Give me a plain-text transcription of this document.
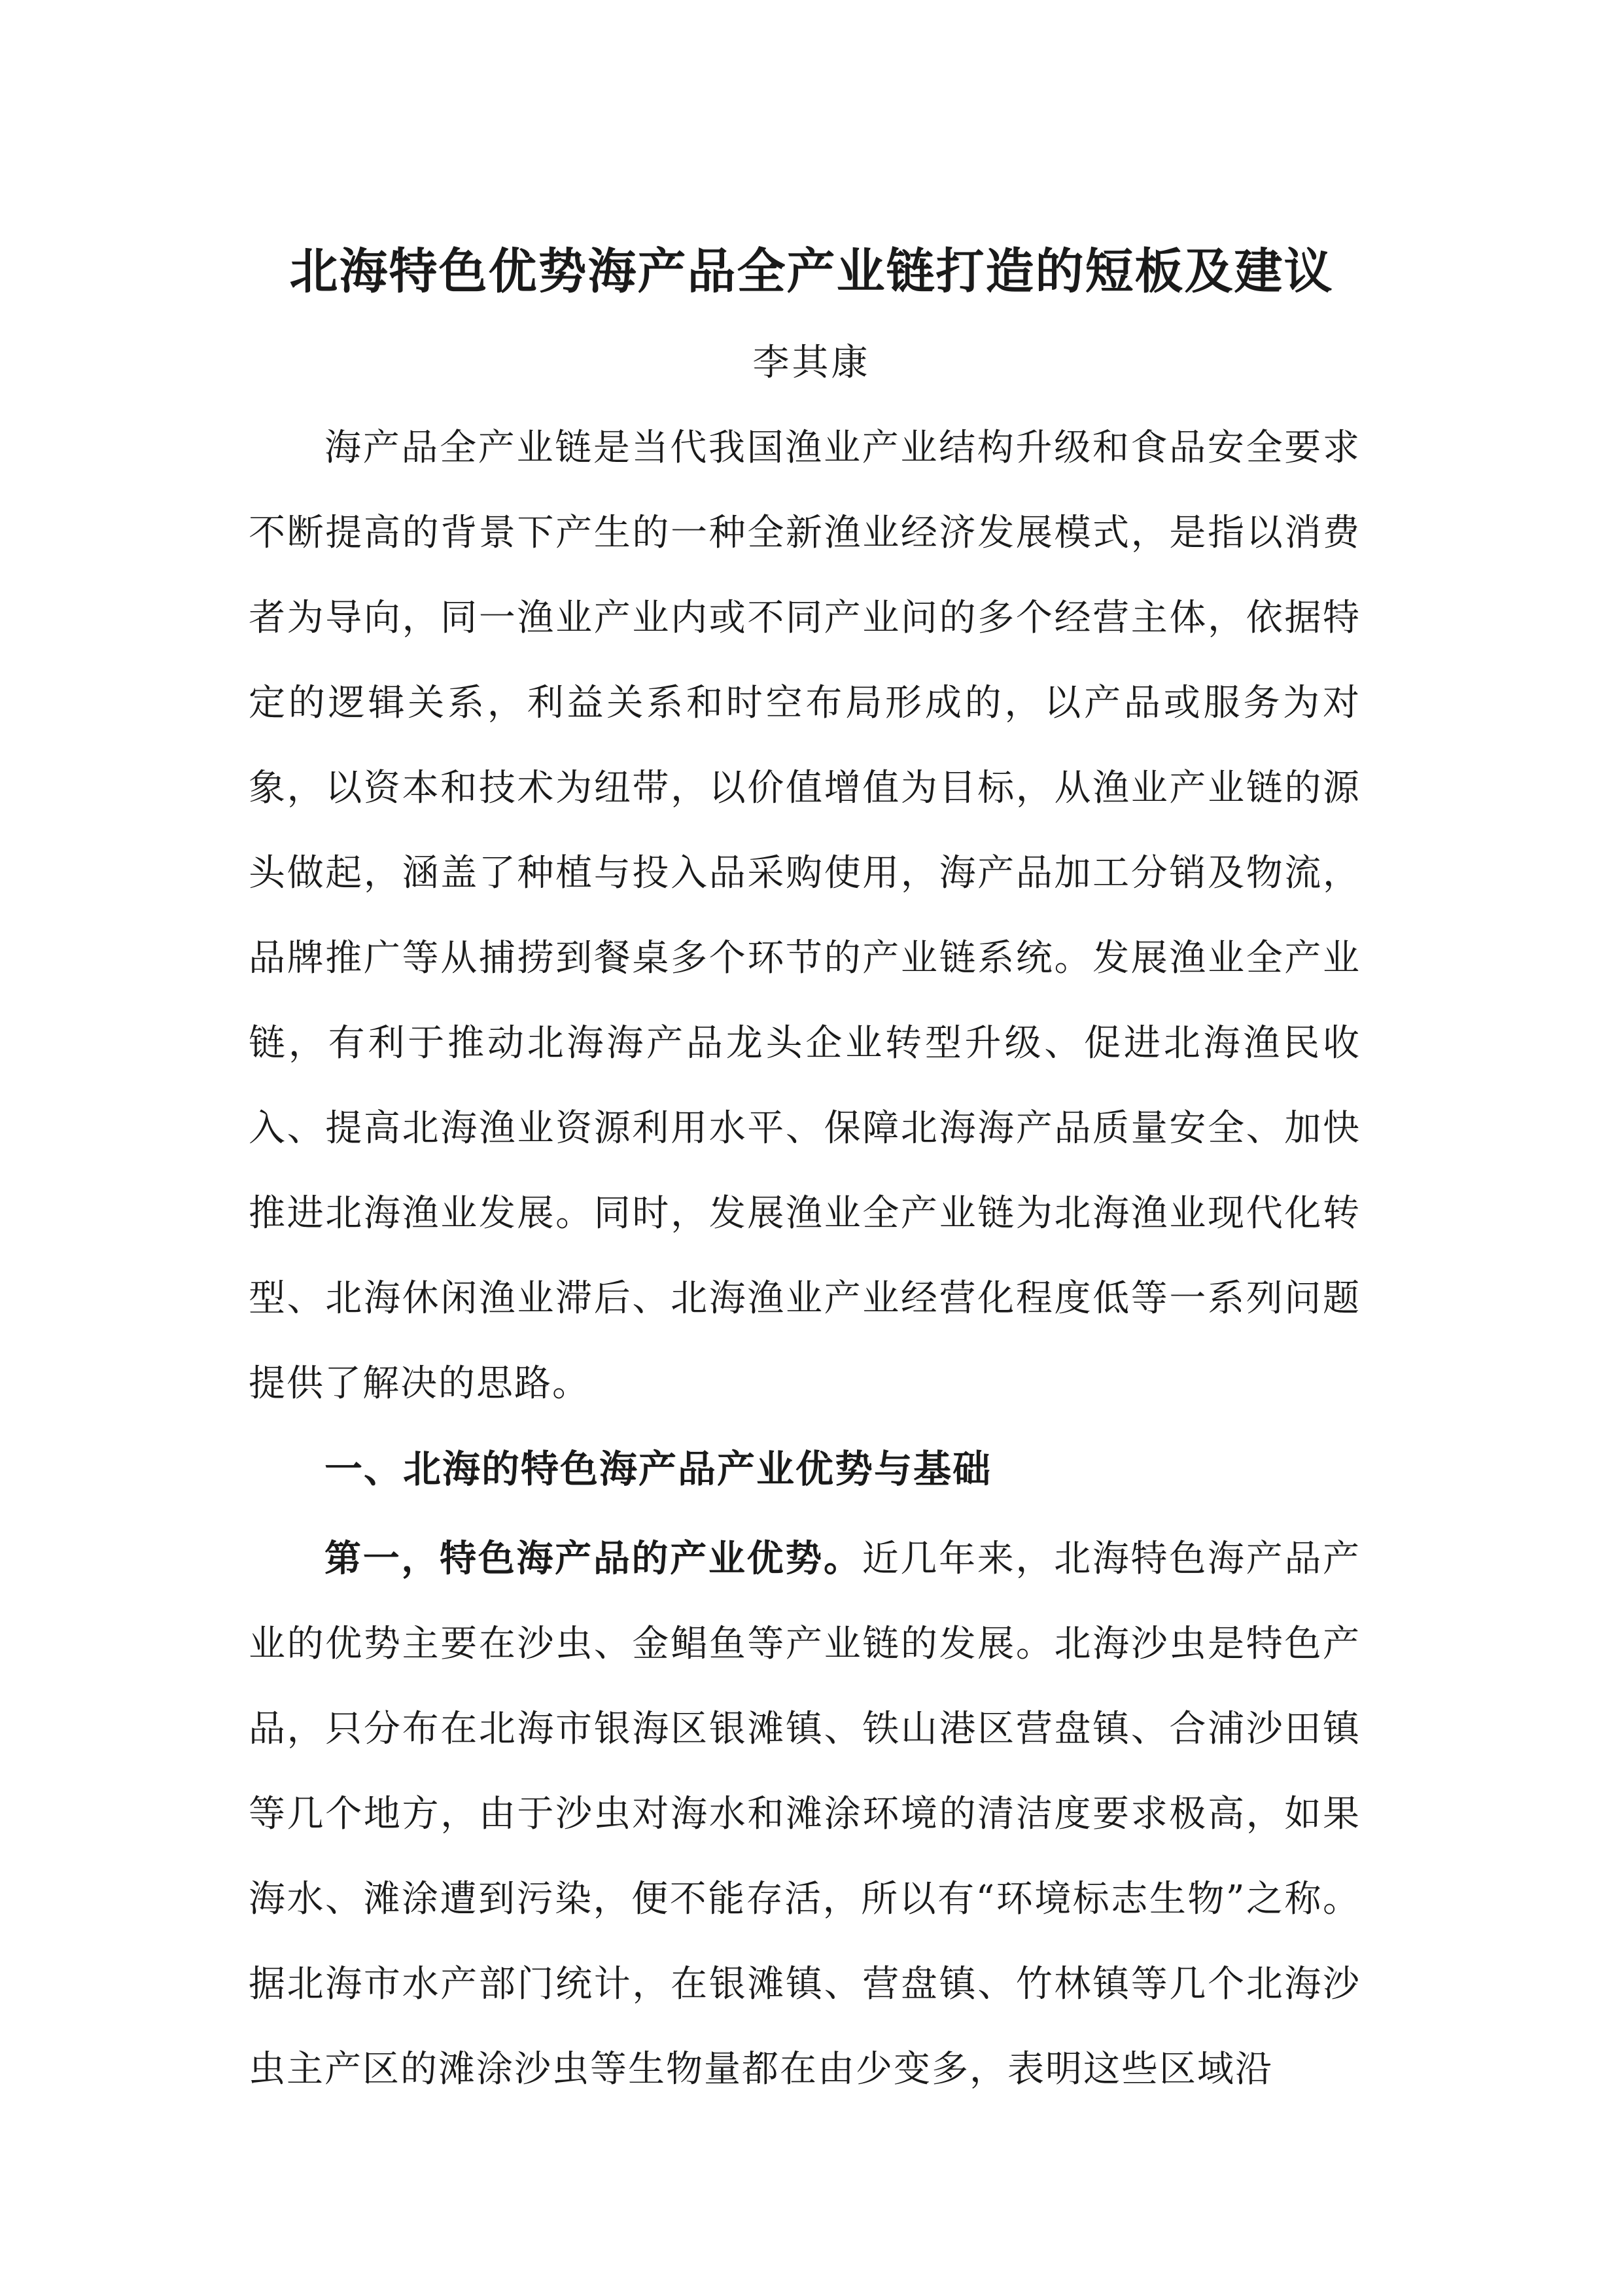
北海特色优势海产品全产业链打造的短板及建议
李其康

海产品全产业链是当代我国渔业产业结构升级和食品安全要求不断提高的背景下产生的一种全新渔业经济发展模式，是指以消费者为导向，同一渔业产业内或不同产业问的多个经营主体，依据特定的逻辑关系，利益关系和时空布局形成的，以产品或服务为对象，以资本和技术为纽带，以价值增值为目标，从渔业产业链的源头做起，涵盖了种植与投入品采购使用，海产品加工分销及物流，品牌推广等从捕捞到餐桌多个环节的产业链系统。发展渔业全产业链，有利于推动北海海产品龙头企业转型升级、促进北海渔民收入、提高北海渔业资源利用水平、保障北海海产品质量安全、加快推进北海渔业发展。同时，发展渔业全产业链为北海渔业现代化转型、北海休闲渔业滞后、北海渔业产业经营化程度低等一系列问题提供了解决的思路。

一、北海的特色海产品产业优势与基础

第一，特色海产品的产业优势。近几年来，北海特色海产品产业的优势主要在沙虫、金鲳鱼等产业链的发展。北海沙虫是特色产品，只分布在北海市银海区银滩镇、铁山港区营盘镇、合浦沙田镇等几个地方，由于沙虫对海水和滩涂环境的清洁度要求极高，如果海水、滩涂遭到污染，便不能存活，所以有“环境标志生物”之称。据北海市水产部门统计，在银滩镇、营盘镇、竹林镇等几个北海沙虫主产区的滩涂沙虫等生物量都在由少变多，表明这些区域沿
